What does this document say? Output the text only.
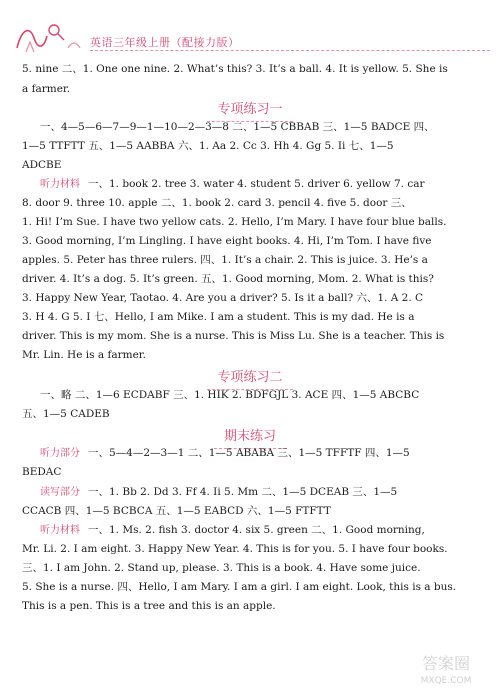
英语三年级上册（配接力版）
专项练习一
专项练习二
期末练习
5. nine 二、1. One one nine. 2. What’s this? 3. It’s a ball. 4. It is yellow. 5. She is
a farmer.
一、4—5—6—7—9—1—10—2—3—8 二、1—5 CBBAB 三、1—5 BADCE 四、
1—5 TTFTT 五、1—5 AABBA 六、1. Aa 2. Cc 3. Hh 4. Gg 5. Ii 七、1—5
ADCBE
听力材料 一、1. book 2. tree 3. water 4. student 5. driver 6. yellow 7. car
8. door 9. three 10. apple 二、1. book 2. card 3. pencil 4. five 5. door 三、
1. Hi! I’m Sue. I have two yellow cats. 2. Hello, I’m Mary. I have four blue balls.
3. Good morning, I’m Lingling. I have eight books. 4. Hi, I’m Tom. I have five
apples. 5. Peter has three rulers. 四、1. It’s a chair. 2. This is juice. 3. He’s a
driver. 4. It’s a dog. 5. It’s green. 五、1. Good morning, Mom. 2. What is this?
3. Happy New Year, Taotao. 4. Are you a driver? 5. Is it a ball? 六、1. A 2. C
3. H 4. G 5. I 七、Hello, I am Mike. I am a student. This is my dad. He is a
driver. This is my mom. She is a nurse. This is Miss Lu. She is a teacher. This is
Mr. Lin. He is a farmer.
一、略 二、1—6 ECDABF 三、1. HIK 2. BDFGJL 3. ACE 四、1—5 ABCBC
五、1—5 CADEB
听力部分 一、5—4—2—3—1 二、1—5 ABABA 三、1—5 TFFTF 四、1—5
BEDAC
读写部分 一、1. Bb 2. Dd 3. Ff 4. Ii 5. Mm 二、1—5 DCEAB 三、1—5
CCACB 四、1—5 BCBCA 五、1—5 EABCD 六、1—5 FTFTT
听力材料 一、1. Ms. 2. fish 3. doctor 4. six 5. green 二、1. Good morning,
Mr. Li. 2. I am eight. 3. Happy New Year. 4. This is for you. 5. I have four books.
三、1. I am John. 2. Stand up, please. 3. This is a book. 4. Have some juice.
5. She is a nurse. 四、Hello, I am Mary. I am a girl. I am eight. Look, this is a bus.
This is a pen. This is a tree and this is an apple.
答案圈
MXQE.COM
